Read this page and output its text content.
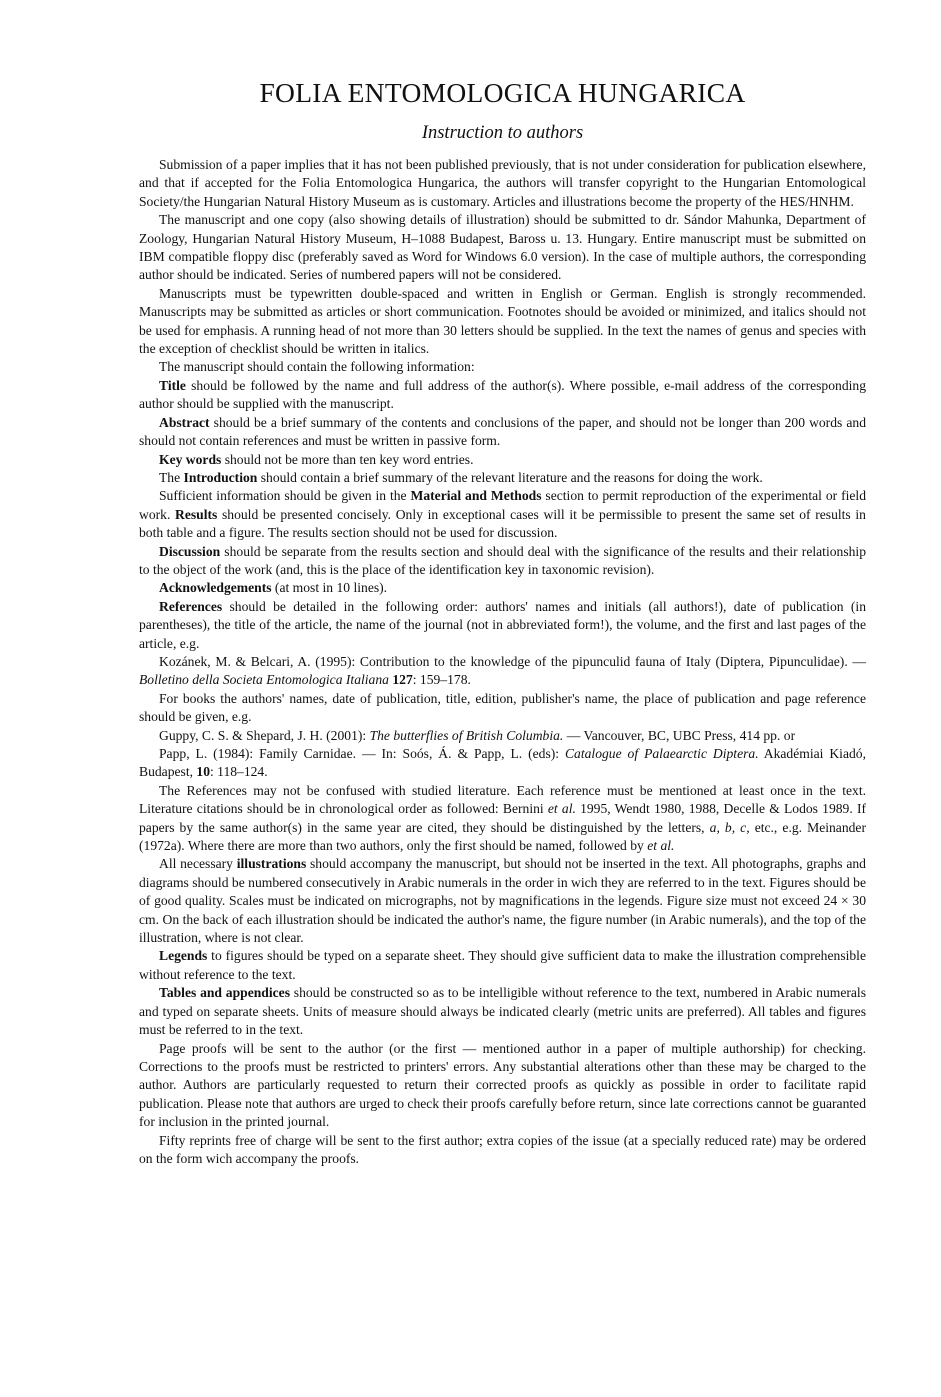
FOLIA ENTOMOLOGICA HUNGARICA
Instruction to authors

Submission of a paper implies that it has not been published previously, that is not under consideration for publication elsewhere, and that if accepted for the Folia Entomologica Hungarica, the authors will transfer copyright to the Hungarian Entomological Society/the Hungarian Natural History Museum as is customary. Articles and illustrations become the property of the HES/HNHM.

The manuscript and one copy (also showing details of illustration) should be submitted to dr. Sándor Mahunka, Department of Zoology, Hungarian Natural History Museum, H–1088 Budapest, Baross u. 13. Hungary. Entire manuscript must be submitted on IBM compatible floppy disc (preferably saved as Word for Windows 6.0 version). In the case of multiple authors, the corresponding author should be indicated. Series of numbered papers will not be considered.

Manuscripts must be typewritten double-spaced and written in English or German. English is strongly recommended. Manuscripts may be submitted as articles or short communication. Footnotes should be avoided or minimized, and italics should not be used for emphasis. A running head of not more than 30 letters should be supplied. In the text the names of genus and species with the exception of checklist should be written in italics.

The manuscript should contain the following information:

Title should be followed by the name and full address of the author(s). Where possible, e-mail address of the corresponding author should be supplied with the manuscript.

Abstract should be a brief summary of the contents and conclusions of the paper, and should not be longer than 200 words and should not contain references and must be written in passive form.

Key words should not be more than ten key word entries.

The Introduction should contain a brief summary of the relevant literature and the reasons for doing the work.

Sufficient information should be given in the Material and Methods section to permit reproduction of the experimental or field work. Results should be presented concisely. Only in exceptional cases will it be permissible to present the same set of results in both table and a figure. The results section should not be used for discussion.

Discussion should be separate from the results section and should deal with the significance of the results and their relationship to the object of the work (and, this is the place of the identification key in taxonomic revision).

Acknowledgements (at most in 10 lines).

References should be detailed in the following order: authors' names and initials (all authors!), date of publication (in parentheses), the title of the article, the name of the journal (not in abbreviated form!), the volume, and the first and last pages of the article, e.g.

Kozánek, M. & Belcari, A. (1995): Contribution to the knowledge of the pipunculid fauna of Italy (Diptera, Pipunculidae). — Bolletino della Societa Entomologica Italiana 127: 159–178.

For books the authors' names, date of publication, title, edition, publisher's name, the place of publication and page reference should be given, e.g.

Guppy, C. S. & Shepard, J. H. (2001): The butterflies of British Columbia. — Vancouver, BC, UBC Press, 414 pp. or

Papp, L. (1984): Family Carnidae. — In: Soós, Á. & Papp, L. (eds): Catalogue of Palaearctic Diptera. Akadémiai Kiadó, Budapest, 10: 118–124.

The References may not be confused with studied literature. Each reference must be mentioned at least once in the text. Literature citations should be in chronological order as followed: Bernini et al. 1995, Wendt 1980, 1988, Decelle & Lodos 1989. If papers by the same author(s) in the same year are cited, they should be distinguished by the letters, a, b, c, etc., e.g. Meinander (1972a). Where there are more than two authors, only the first should be named, followed by et al.

All necessary illustrations should accompany the manuscript, but should not be inserted in the text. All photographs, graphs and diagrams should be numbered consecutively in Arabic numerals in the order in wich they are referred to in the text. Figures should be of good quality. Scales must be indicated on micrographs, not by magnifications in the legends. Figure size must not exceed 24 × 30 cm. On the back of each illustration should be indicated the author's name, the figure number (in Arabic numerals), and the top of the illustration, where is not clear.

Legends to figures should be typed on a separate sheet. They should give sufficient data to make the illustration comprehensible without reference to the text.

Tables and appendices should be constructed so as to be intelligible without reference to the text, numbered in Arabic numerals and typed on separate sheets. Units of measure should always be indicated clearly (metric units are preferred). All tables and figures must be referred to in the text.

Page proofs will be sent to the author (or the first — mentioned author in a paper of multiple authorship) for checking. Corrections to the proofs must be restricted to printers' errors. Any substantial alterations other than these may be charged to the author. Authors are particularly requested to return their corrected proofs as quickly as possible in order to facilitate rapid publication. Please note that authors are urged to check their proofs carefully before return, since late corrections cannot be guaranted for inclusion in the printed journal.

Fifty reprints free of charge will be sent to the first author; extra copies of the issue (at a specially reduced rate) may be ordered on the form wich accompany the proofs.
